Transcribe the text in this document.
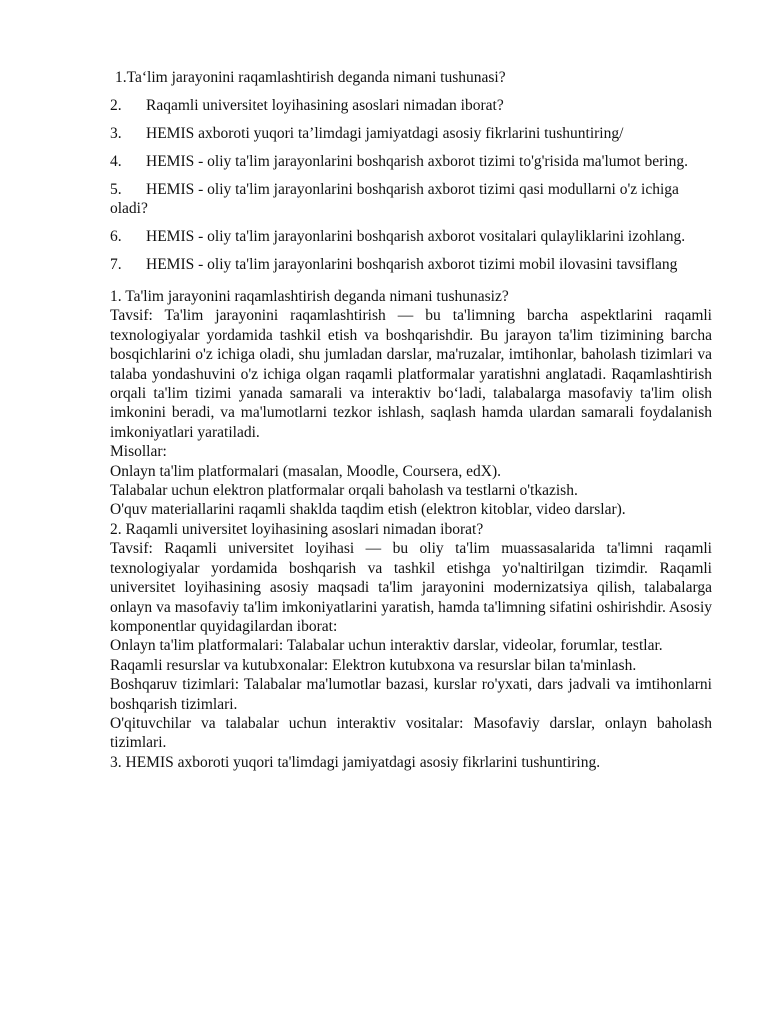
1.Ta‘lim jarayonini raqamlashtirish deganda nimani tushunasi?
2. Raqamli universitet loyihasining asoslari nimadan iborat?
3. HEMIS axboroti yuqori ta’limdagi jamiyatdagi asosiy fikrlarini tushuntiring/
4. HEMIS - oliy ta'lim jarayonlarini boshqarish axborot tizimi to'g'risida ma'lumot bering.
5. HEMIS - oliy ta'lim jarayonlarini boshqarish axborot tizimi qasi modullarni o'z ichiga oladi?
6. HEMIS - oliy ta'lim jarayonlarini boshqarish axborot vositalari qulayliklarini izohlang.
7. HEMIS - oliy ta'lim jarayonlarini boshqarish axborot tizimi mobil ilovasini tavsiflang

1. Ta'lim jarayonini raqamlashtirish deganda nimani tushunasiz?

Tavsif: Ta'lim jarayonini raqamlashtirish — bu ta'limning barcha aspektlarini raqamli texnologiyalar yordamida tashkil etish va boshqarishdir. Bu jarayon ta'lim tizimining barcha bosqichlarini o'z ichiga oladi, shu jumladan darslar, ma'ruzalar, imtihonlar, baholash tizimlari va talaba yondashuvini o'z ichiga olgan raqamli platformalar yaratishni anglatadi. Raqamlashtirish orqali ta'lim tizimi yanada samarali va interaktiv bo‘ladi, talabalarga masofaviy ta'lim olish imkonini beradi, va ma'lumotlarni tezkor ishlash, saqlash hamda ulardan samarali foydalanish imkoniyatlari yaratiladi.

Misollar:

Onlayn ta'lim platformalari (masalan, Moodle, Coursera, edX).

Talabalar uchun elektron platformalar orqali baholash va testlarni o'tkazish.

O'quv materiallarini raqamli shaklda taqdim etish (elektron kitoblar, video darslar).

2. Raqamli universitet loyihasining asoslari nimadan iborat?

Tavsif: Raqamli universitet loyihasi — bu oliy ta'lim muassasalarida ta'limni raqamli texnologiyalar yordamida boshqarish va tashkil etishga yo'naltirilgan tizimdir. Raqamli universitet loyihasining asosiy maqsadi ta'lim jarayonini modernizatsiya qilish, talabalarga onlayn va masofaviy ta'lim imkoniyatlarini yaratish, hamda ta'limning sifatini oshirishdir. Asosiy komponentlar quyidagilardan iborat:

Onlayn ta'lim platformalari: Talabalar uchun interaktiv darslar, videolar, forumlar, testlar.

Raqamli resurslar va kutubxonalar: Elektron kutubxona va resurslar bilan ta'minlash.

Boshqaruv tizimlari: Talabalar ma'lumotlar bazasi, kurslar ro'yxati, dars jadvali va imtihonlarni boshqarish tizimlari.

O'qituvchilar va talabalar uchun interaktiv vositalar: Masofaviy darslar, onlayn baholash tizimlari.

3. HEMIS axboroti yuqori ta'limdagi jamiyatdagi asosiy fikrlarini tushuntiring.
